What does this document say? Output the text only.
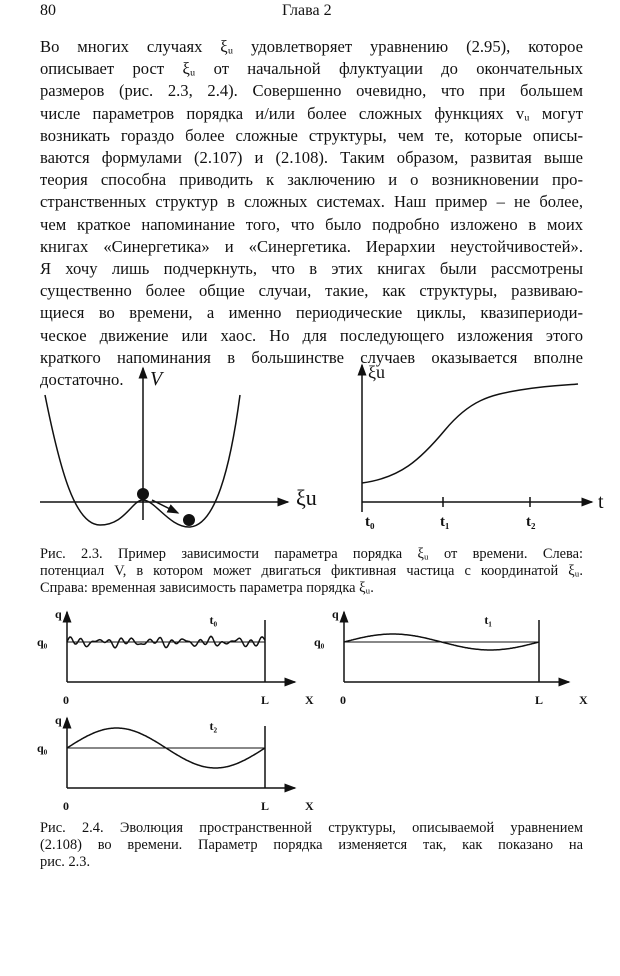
80	Глава 2
Во многих случаях ξᵤ удовлетворяет уравнению (2.95), которое
описывает рост ξᵤ от начальной флуктуации до окончательных
размеров (рис. 2.3, 2.4). Совершенно очевидно, что при большем
числе параметров порядка и/или более сложных функциях vᵤ могут
возникать гораздо более сложные структуры, чем те, которые описы-
ваются формулами (2.107) и (2.108). Таким образом, развитая выше
теория способна приводить к заключению и о возникновении про-
странственных структур в сложных системах. Наш пример – не более,
чем краткое напоминание того, что было подробно изложено в моих
книгах «Синергетика» и «Синергетика. Иерархии неустойчивостей».
Я хочу лишь подчеркнуть, что в этих книгах были рассмотрены
существенно более общие случаи, такие, как структуры, развиваю-
щиеся во времени, а именно периодические циклы, квазипериоди-
ческое движение или хаос. Но для последующего изложения этого
краткого напоминания в большинстве случаев оказывается вполне
достаточно.	V
ξu
ξu
t
t₀	t₁	t₂
q
q₀
0	L	X
t₀	q
q₀
0	L	X
t₁
q
q₀
0	L	X
t₂
Рис. 2.3. Пример зависимости параметра порядка ξᵤ от времени. Слева:
потенциал V, в котором может двигаться фиктивная частица с координатой ξᵤ.
Справа: временная зависимость параметра порядка ξᵤ.
Рис. 2.4. Эволюция пространственной структуры, описываемой уравнением
(2.108) во времени. Параметр порядка изменяется так, как показано на
рис. 2.3.
